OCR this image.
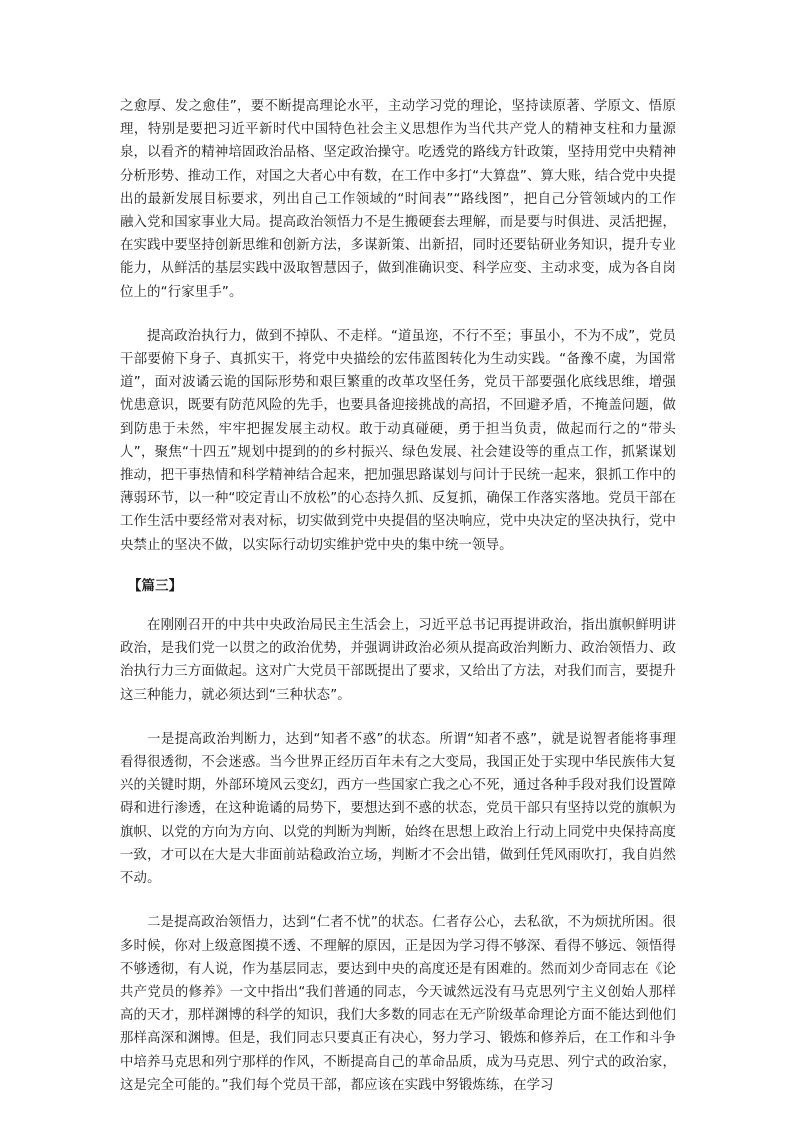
之愈厚、发之愈佳”，要不断提高理论水平，主动学习党的理论，坚持读原著、学原文、悟原理，特别是要把习近平新时代中国特色社会主义思想作为当代共产党人的精神支柱和力量源泉，以看齐的精神培固政治品格、坚定政治操守。吃透党的路线方针政策，坚持用党中央精神分析形势、推动工作，对国之大者心中有数，在工作中多打“大算盘”、算大账，结合党中央提出的最新发展目标要求，列出自己工作领域的“时间表”“路线图”，把自己分管领域内的工作融入党和国家事业大局。提高政治领悟力不是生搬硬套去理解，而是要与时俱进、灵活把握，在实践中要坚持创新思维和创新方法，多谋新策、出新招，同时还要钻研业务知识，提升专业能力，从鲜活的基层实践中汲取智慧因子，做到准确识变、科学应变、主动求变，成为各自岗位上的“行家里手”。

提高政治执行力，做到不掉队、不走样。“道虽迩，不行不至；事虽小，不为不成”，党员干部要俯下身子、真抓实干，将党中央描绘的宏伟蓝图转化为生动实践。“备豫不虞，为国常道”，面对波谲云诡的国际形势和艰巨繁重的改革攻坚任务，党员干部要强化底线思维，增强忧患意识，既要有防范风险的先手，也要具备迎接挑战的高招，不回避矛盾，不掩盖问题，做到防患于未然，牢牢把握发展主动权。敢于动真碰硬，勇于担当负责，做起而行之的“带头人”，聚焦“十四五”规划中提到的的乡村振兴、绿色发展、社会建设等的重点工作，抓紧谋划推动，把干事热情和科学精神结合起来，把加强思路谋划与问计于民统一起来，狠抓工作中的薄弱环节，以一种“咬定青山不放松”的心态持久抓、反复抓，确保工作落实落地。党员干部在工作生活中要经常对表对标，切实做到党中央提倡的坚决响应，党中央决定的坚决执行，党中央禁止的坚决不做，以实际行动切实维护党中央的集中统一领导。

【篇三】

在刚刚召开的中共中央政治局民主生活会上，习近平总书记再提讲政治，指出旗帜鲜明讲政治，是我们党一以贯之的政治优势，并强调讲政治必须从提高政治判断力、政治领悟力、政治执行力三方面做起。这对广大党员干部既提出了要求，又给出了方法，对我们而言，要提升这三种能力，就必须达到“三种状态”。

一是提高政治判断力，达到“知者不惑”的状态。所谓“知者不惑”，就是说智者能将事理看得很透彻，不会迷惑。当今世界正经历百年未有之大变局，我国正处于实现中华民族伟大复兴的关键时期，外部环境风云变幻，西方一些国家亡我之心不死，通过各种手段对我们设置障碍和进行渗透，在这种诡谲的局势下，要想达到不惑的状态，党员干部只有坚持以党的旗帜为旗帜、以党的方向为方向、以党的判断为判断，始终在思想上政治上行动上同党中央保持高度一致，才可以在大是大非面前站稳政治立场，判断才不会出错，做到任凭风雨吹打，我自岿然不动。

二是提高政治领悟力，达到“仁者不忧”的状态。仁者存公心，去私欲，不为烦扰所困。很多时候，你对上级意图摸不透、不理解的原因，正是因为学习得不够深、看得不够远、领悟得不够透彻，有人说，作为基层同志，要达到中央的高度还是有困难的。然而刘少奇同志在《论共产党员的修养》一文中指出“我们普通的同志，今天诚然远没有马克思列宁主义创始人那样高的天才，那样渊博的科学的知识，我们大多数的同志在无产阶级革命理论方面不能达到他们那样高深和渊博。但是，我们同志只要真正有决心，努力学习、锻炼和修养后，在工作和斗争中培养马克思和列宁那样的作风，不断提高自己的革命品质，成为马克思、列宁式的政治家，这是完全可能的。”我们每个党员干部，都应该在实践中努锻炼练，在学习
